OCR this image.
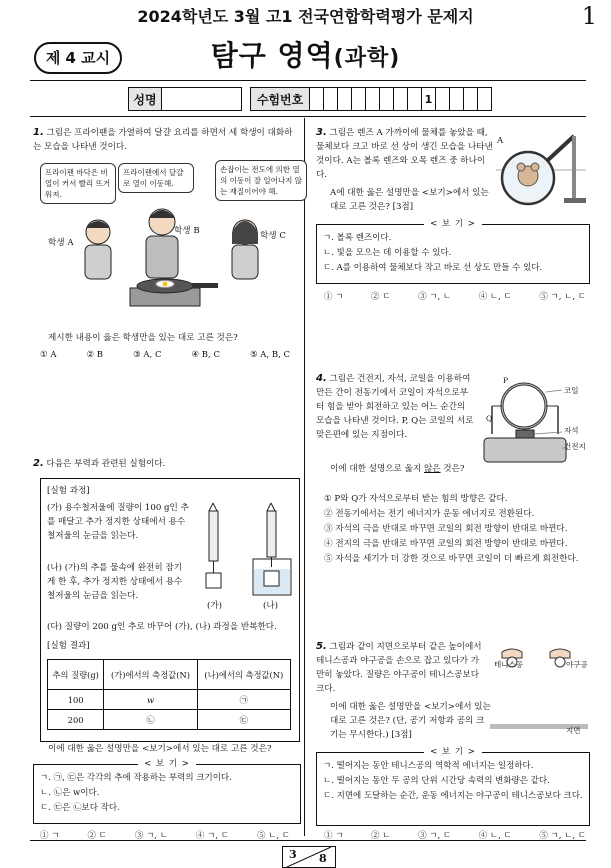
2024학년도 3월 고1 전국연합학력평가 문제지	1
제 4 교시	탐구 영역(과학)
성명	수험번호	1
1. 그림은 프라이팬을 가열하여 달걀 요리를 하면서 세 학생이 대화하는 모습을 나타낸 것이다.
프라이팬 바닥은 비열이 커서 빨리 뜨거워져.
프라이팬에서 달걀로 열이 이동해.
손잡이는 전도에 의한 열의 이동이 잘 일어나지 않는 재질이어야 해.
학생 A
학생 B	학생 C
제시한 내용이 옳은 학생만을 있는 대로 고른 것은?
① A	② B	③ A, C	④ B, C	⑤ A, B, C
2. 다음은 부력과 관련된 실험이다.
[실험 과정]
(가) 용수철저울에 질량이 100 g인 추를 매달고 추가 정지한 상태에서 용수철저울의 눈금을 읽는다.
(나) (가)의 추를 물속에 완전히 잠기게 한 후, 추가 정지한 상태에서 용수철저울의 눈금을 읽는다.
(다) 질량이 200 g인 추로 바꾸어 (가), (나) 과정을 반복한다.
(가)	(나)
[실험 결과]
추의 질량(g)	(가)에서의 측정값(N)	(나)에서의 측정값(N)
100	w	㉠
200	㉡	㉢
이에 대한 옳은 설명만을 <보기>에서 있는 대로 고른 것은?
< 보 기 >
ㄱ. ㉠, ㉢은 각각의 추에 작용하는 부력의 크기이다.
ㄴ. ㉡은 w이다.
ㄷ. ㉢은 ㉡보다 작다.
① ㄱ	② ㄷ	③ ㄱ, ㄴ	④ ㄱ, ㄷ	⑤ ㄴ, ㄷ
3. 그림은 렌즈 A 가까이에 물체를 놓았을 때, 물체보다 크고 바로 선 상이 생긴 모습을 나타낸 것이다. A는 볼록 렌즈와 오목 렌즈 중 하나이다.
A에 대한 옳은 설명만을 <보기>에서 있는 대로 고른 것은? [3점]
A
< 보 기 >
ㄱ. 볼록 렌즈이다.
ㄴ. 빛을 모으는 데 이용할 수 있다.
ㄷ. A를 이용하여 물체보다 작고 바로 선 상도 만들 수 있다.
① ㄱ	② ㄷ	③ ㄱ, ㄴ	④ ㄴ, ㄷ	⑤ ㄱ, ㄴ, ㄷ
4. 그림은 건전지, 자석, 코일을 이용하여 만든 간이 전동기에서 코일이 자석으로부터 힘을 받아 회전하고 있는 어느 순간의 모습을 나타낸 것이다. P, Q는 코일의 서로 맞은편에 있는 지점이다.
이에 대한 설명으로 옳지 않은 것은?
P
Q
코일
자석
건전지
① P와 Q가 자석으로부터 받는 힘의 방향은 같다.
② 전동기에서는 전기 에너지가 운동 에너지로 전환된다.
③ 자석의 극을 반대로 바꾸면 코일의 회전 방향이 반대로 바뀐다.
④ 전지의 극을 반대로 바꾸면 코일의 회전 방향이 반대로 바뀐다.
⑤ 자석을 세기가 더 강한 것으로 바꾸면 코일이 더 빠르게 회전한다.
5. 그림과 같이 지면으로부터 같은 높이에서 테니스공과 야구공을 손으로 잡고 있다가 가만히 놓았다. 질량은 야구공이 테니스공보다 크다.
테니스공	야구공
지면
이에 대한 옳은 설명만을 <보기>에서 있는 대로 고른 것은? (단, 공기 저항과 공의 크기는 무시한다.) [3점]
< 보 기 >
ㄱ. 떨어지는 동안 테니스공의 역학적 에너지는 일정하다.
ㄴ. 떨어지는 동안 두 공의 단위 시간당 속력의 변화량은 같다.
ㄷ. 지면에 도달하는 순간, 운동 에너지는 야구공이 테니스공보다 크다.
① ㄱ	② ㄴ	③ ㄱ, ㄷ	④ ㄴ, ㄷ	⑤ ㄱ, ㄴ, ㄷ
3 8
